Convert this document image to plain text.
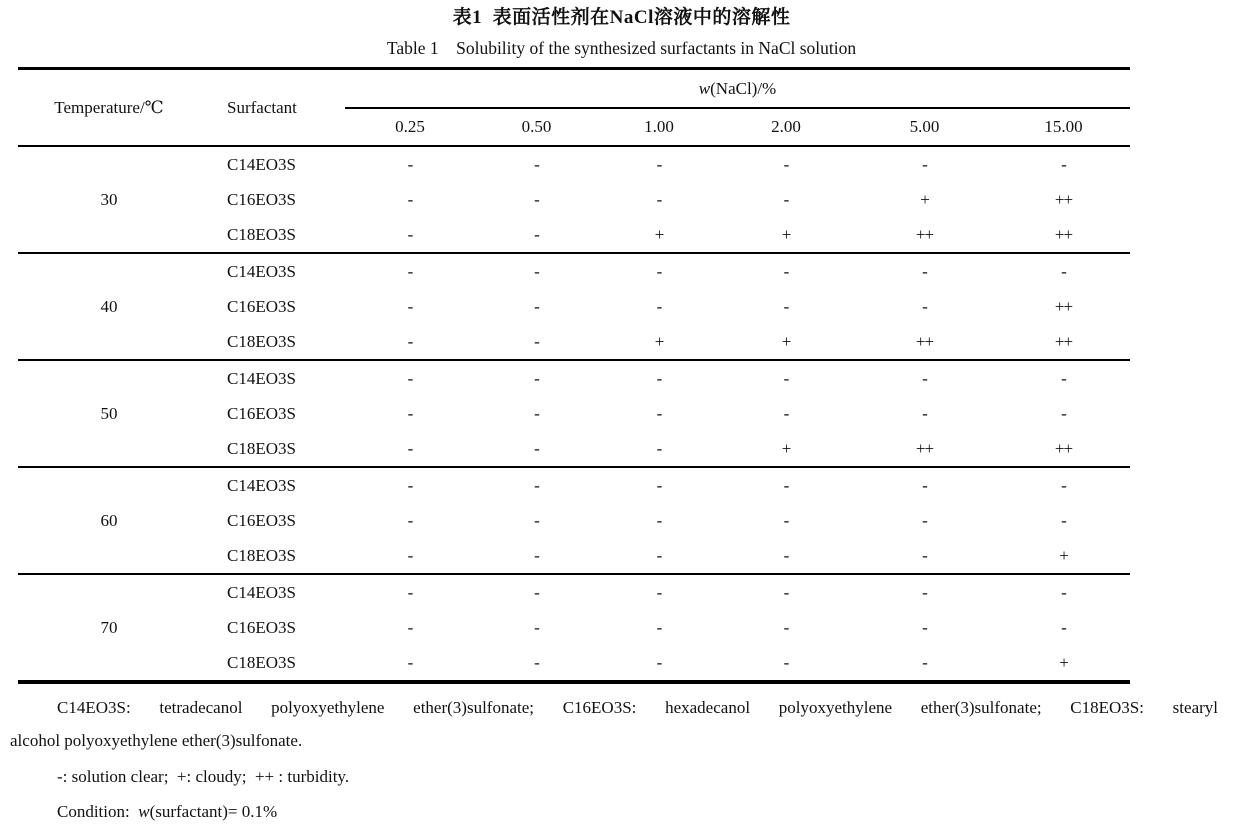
表1  表面活性剂在NaCl溶液中的溶解性
Table 1    Solubility of the synthesized surfactants in NaCl solution
Temperature/℃	Surfactant	w(NaCl)/%					
		0.25	0.50	1.00	2.00	5.00	15.00
30	C14EO3S	-	-	-	-	-	-
	C16EO3S	-	-	-	-	+	++
	C18EO3S	-	-	+	+	++	++
40	C14EO3S	-	-	-	-	-	-
	C16EO3S	-	-	-	-	-	++
	C18EO3S	-	-	+	+	++	++
50	C14EO3S	-	-	-	-	-	-
	C16EO3S	-	-	-	-	-	-
	C18EO3S	-	-	-	+	++	++
60	C14EO3S	-	-	-	-	-	-
	C16EO3S	-	-	-	-	-	-
	C18EO3S	-	-	-	-	-	+
70	C14EO3S	-	-	-	-	-	-
	C16EO3S	-	-	-	-	-	-
	C18EO3S	-	-	-	-	-	+

C14EO3S: tetradecanol polyoxyethylene ether(3)sulfonate; C16EO3S: hexadecanol polyoxyethylene ether(3)sulfonate; C18EO3S: stearyl

alcohol polyoxyethylene ether(3)sulfonate.

-: solution clear;  +: cloudy;  ++ : turbidity.

Condition:  w(surfactant)= 0.1%
